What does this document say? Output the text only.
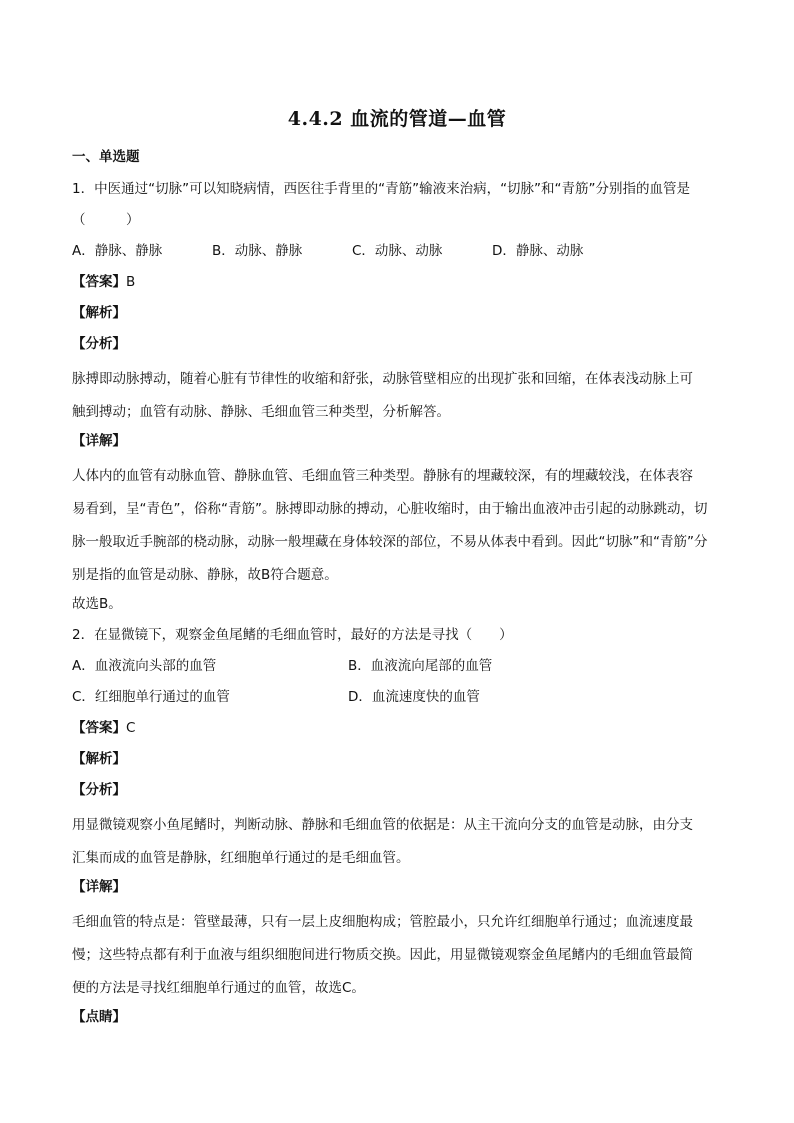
4.4.2 血流的管道—血管
一、单选题
1．中医通过“切脉”可以知晓病情，西医往手背里的“青筋”输液来治病，“切脉”和“青筋”分别指的血管是
（　　　）
A．静脉、静脉	B．动脉、静脉	C．动脉、动脉	D．静脉、动脉
【答案】B
【解析】
【分析】
脉搏即动脉搏动，随着心脏有节律性的收缩和舒张，动脉管壁相应的出现扩张和回缩，在体表浅动脉上可
触到搏动；血管有动脉、静脉、毛细血管三种类型，分析解答。
【详解】
人体内的血管有动脉血管、静脉血管、毛细血管三种类型。静脉有的埋藏较深，有的埋藏较浅，在体表容
易看到，呈“青色”，俗称“青筋”。脉搏即动脉的搏动，心脏收缩时，由于输出血液冲击引起的动脉跳动，切
脉一般取近手腕部的桡动脉，动脉一般埋藏在身体较深的部位，不易从体表中看到。因此“切脉”和“青筋”分
别是指的血管是动脉、静脉，故B符合题意。
故选B。
2．在显微镜下，观察金鱼尾鳍的毛细血管时，最好的方法是寻找（　　）
A．血液流向头部的血管	B．血液流向尾部的血管
C．红细胞单行通过的血管	D．血流速度快的血管
【答案】C
【解析】
【分析】
用显微镜观察小鱼尾鳍时，判断动脉、静脉和毛细血管的依据是：从主干流向分支的血管是动脉，由分支
汇集而成的血管是静脉，红细胞单行通过的是毛细血管。
【详解】
毛细血管的特点是：管壁最薄，只有一层上皮细胞构成；管腔最小，只允许红细胞单行通过；血流速度最
慢；这些特点都有利于血液与组织细胞间进行物质交换。因此，用显微镜观察金鱼尾鳍内的毛细血管最简
便的方法是寻找红细胞单行通过的血管，故选C。
【点睛】
